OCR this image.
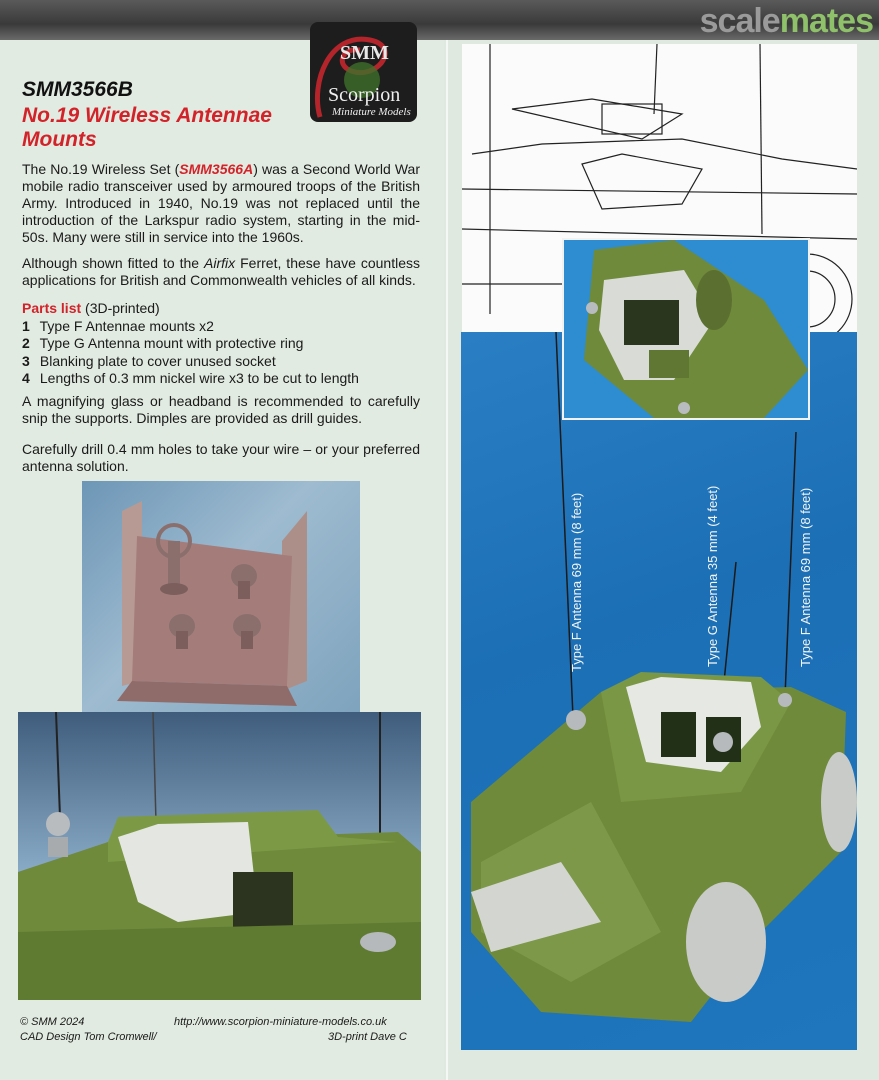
scalemates
SMM
Scorpion
Miniature Models
SMM3566B
No.19 Wireless Antennae Mounts
The No.19 Wireless Set (SMM3566A) was a Second World War mobile radio transceiver used by armoured troops of the British Army. Introduced in 1940, No.19 was not replaced until the introduction of the Larkspur radio system, starting in the mid-50s. Many were still in service into the 1960s.
Although shown fitted to the Airfix Ferret, these have countless applications for British and Commonwealth vehicles of all kinds.
Parts list (3D-printed)
1 Type F Antennae mounts x2
2 Type G Antenna mount with protective ring
3 Blanking plate to cover unused socket
4 Lengths of 0.3 mm nickel wire x3 to be cut to length
A magnifying glass or headband is recommended to carefully snip the supports. Dimples are provided as drill guides.
Carefully drill 0.4 mm holes to take your wire – or your preferred antenna solution.
Type F Antenna 69 mm (8 feet)	Type G Antenna 35 mm (4 feet)	Type F Antenna 69 mm (8 feet)
© SMM 2024	http://www.scorpion-miniature-models.co.uk
CAD Design Tom Cromwell/	3D-print Dave C
